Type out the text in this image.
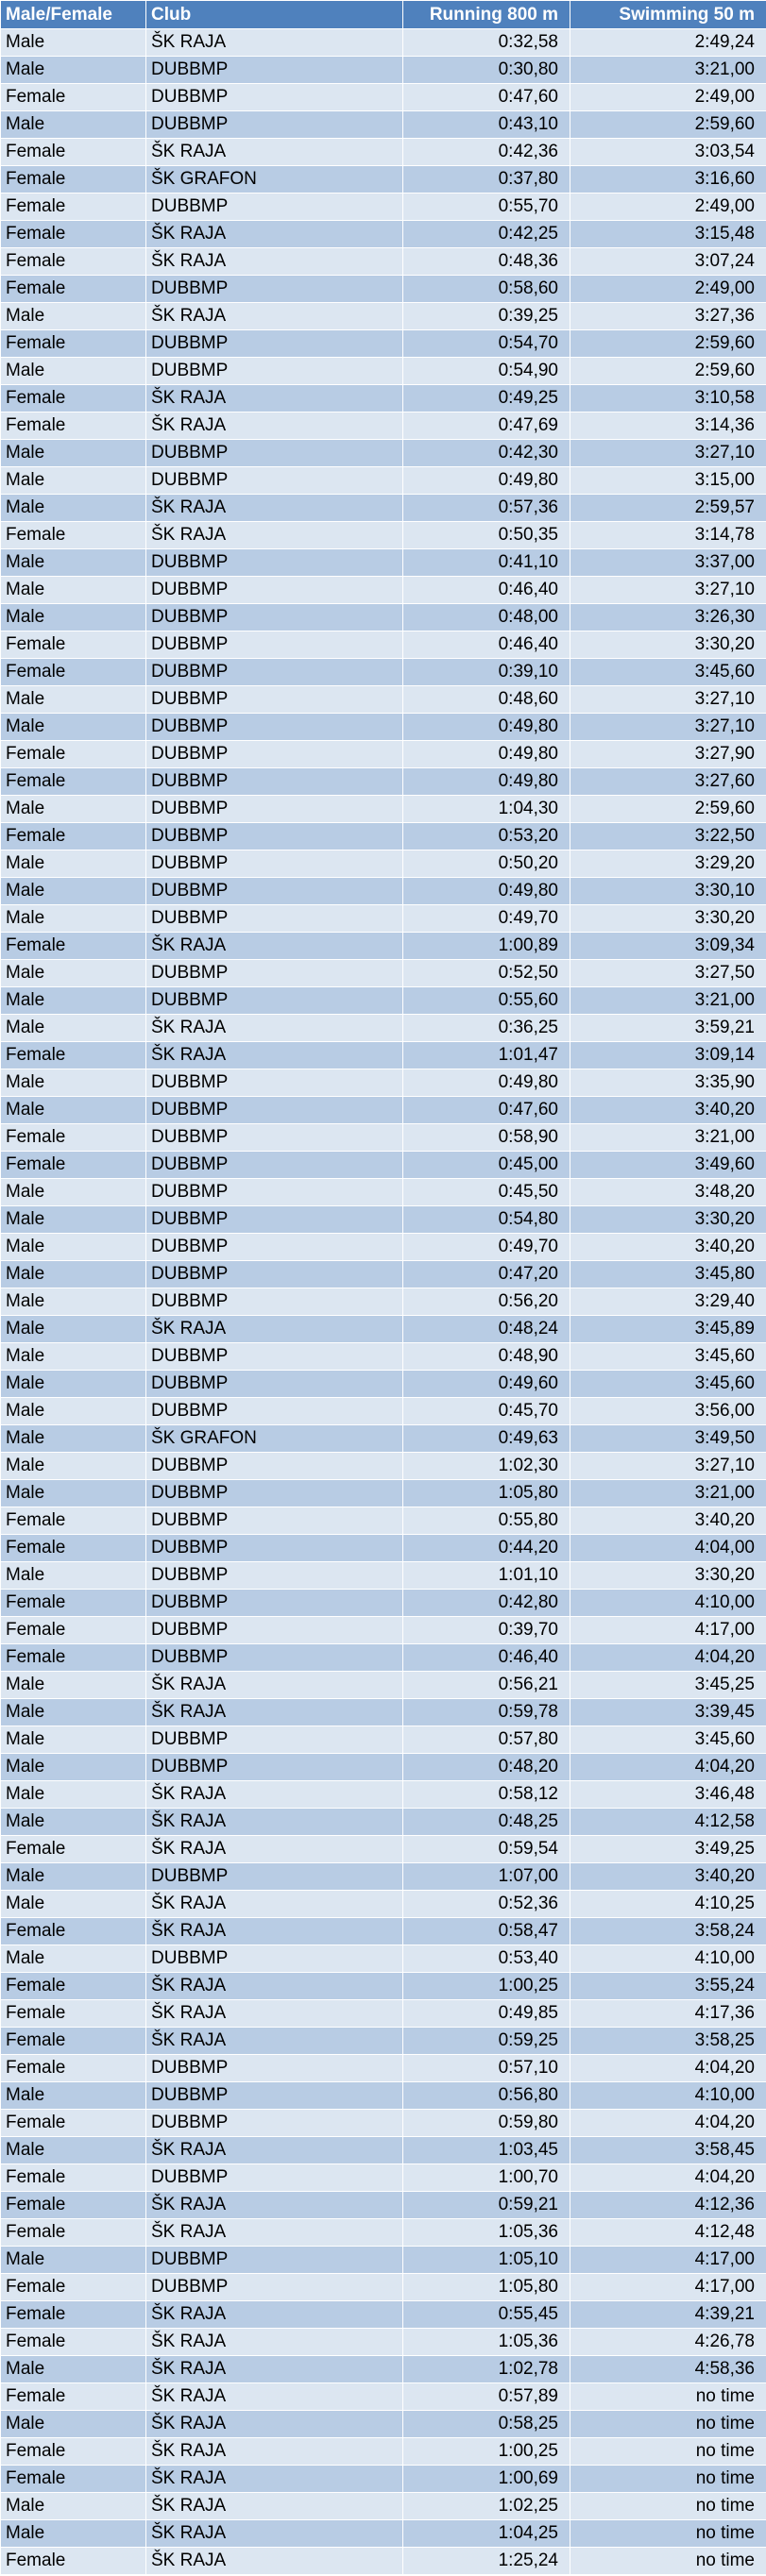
Male/Female	Club	Running 800 m	Swimming 50 m
Male	ŠK RAJA	0:32,58	2:49,24
Male	DUBBMP	0:30,80	3:21,00
Female	DUBBMP	0:47,60	2:49,00
Male	DUBBMP	0:43,10	2:59,60
Female	ŠK RAJA	0:42,36	3:03,54
Female	ŠK GRAFON	0:37,80	3:16,60
Female	DUBBMP	0:55,70	2:49,00
Female	ŠK RAJA	0:42,25	3:15,48
Female	ŠK RAJA	0:48,36	3:07,24
Female	DUBBMP	0:58,60	2:49,00
Male	ŠK RAJA	0:39,25	3:27,36
Female	DUBBMP	0:54,70	2:59,60
Male	DUBBMP	0:54,90	2:59,60
Female	ŠK RAJA	0:49,25	3:10,58
Female	ŠK RAJA	0:47,69	3:14,36
Male	DUBBMP	0:42,30	3:27,10
Male	DUBBMP	0:49,80	3:15,00
Male	ŠK RAJA	0:57,36	2:59,57
Female	ŠK RAJA	0:50,35	3:14,78
Male	DUBBMP	0:41,10	3:37,00
Male	DUBBMP	0:46,40	3:27,10
Male	DUBBMP	0:48,00	3:26,30
Female	DUBBMP	0:46,40	3:30,20
Female	DUBBMP	0:39,10	3:45,60
Male	DUBBMP	0:48,60	3:27,10
Male	DUBBMP	0:49,80	3:27,10
Female	DUBBMP	0:49,80	3:27,90
Female	DUBBMP	0:49,80	3:27,60
Male	DUBBMP	1:04,30	2:59,60
Female	DUBBMP	0:53,20	3:22,50
Male	DUBBMP	0:50,20	3:29,20
Male	DUBBMP	0:49,80	3:30,10
Male	DUBBMP	0:49,70	3:30,20
Female	ŠK RAJA	1:00,89	3:09,34
Male	DUBBMP	0:52,50	3:27,50
Male	DUBBMP	0:55,60	3:21,00
Male	ŠK RAJA	0:36,25	3:59,21
Female	ŠK RAJA	1:01,47	3:09,14
Male	DUBBMP	0:49,80	3:35,90
Male	DUBBMP	0:47,60	3:40,20
Female	DUBBMP	0:58,90	3:21,00
Female	DUBBMP	0:45,00	3:49,60
Male	DUBBMP	0:45,50	3:48,20
Male	DUBBMP	0:54,80	3:30,20
Male	DUBBMP	0:49,70	3:40,20
Male	DUBBMP	0:47,20	3:45,80
Male	DUBBMP	0:56,20	3:29,40
Male	ŠK RAJA	0:48,24	3:45,89
Male	DUBBMP	0:48,90	3:45,60
Male	DUBBMP	0:49,60	3:45,60
Male	DUBBMP	0:45,70	3:56,00
Male	ŠK GRAFON	0:49,63	3:49,50
Male	DUBBMP	1:02,30	3:27,10
Male	DUBBMP	1:05,80	3:21,00
Female	DUBBMP	0:55,80	3:40,20
Female	DUBBMP	0:44,20	4:04,00
Male	DUBBMP	1:01,10	3:30,20
Female	DUBBMP	0:42,80	4:10,00
Female	DUBBMP	0:39,70	4:17,00
Female	DUBBMP	0:46,40	4:04,20
Male	ŠK RAJA	0:56,21	3:45,25
Male	ŠK RAJA	0:59,78	3:39,45
Male	DUBBMP	0:57,80	3:45,60
Male	DUBBMP	0:48,20	4:04,20
Male	ŠK RAJA	0:58,12	3:46,48
Male	ŠK RAJA	0:48,25	4:12,58
Female	ŠK RAJA	0:59,54	3:49,25
Male	DUBBMP	1:07,00	3:40,20
Male	ŠK RAJA	0:52,36	4:10,25
Female	ŠK RAJA	0:58,47	3:58,24
Male	DUBBMP	0:53,40	4:10,00
Female	ŠK RAJA	1:00,25	3:55,24
Female	ŠK RAJA	0:49,85	4:17,36
Female	ŠK RAJA	0:59,25	3:58,25
Female	DUBBMP	0:57,10	4:04,20
Male	DUBBMP	0:56,80	4:10,00
Female	DUBBMP	0:59,80	4:04,20
Male	ŠK RAJA	1:03,45	3:58,45
Female	DUBBMP	1:00,70	4:04,20
Female	ŠK RAJA	0:59,21	4:12,36
Female	ŠK RAJA	1:05,36	4:12,48
Male	DUBBMP	1:05,10	4:17,00
Female	DUBBMP	1:05,80	4:17,00
Female	ŠK RAJA	0:55,45	4:39,21
Female	ŠK RAJA	1:05,36	4:26,78
Male	ŠK RAJA	1:02,78	4:58,36
Female	ŠK RAJA	0:57,89	no time
Male	ŠK RAJA	0:58,25	no time
Female	ŠK RAJA	1:00,25	no time
Female	ŠK RAJA	1:00,69	no time
Male	ŠK RAJA	1:02,25	no time
Male	ŠK RAJA	1:04,25	no time
Female	ŠK RAJA	1:25,24	no time
